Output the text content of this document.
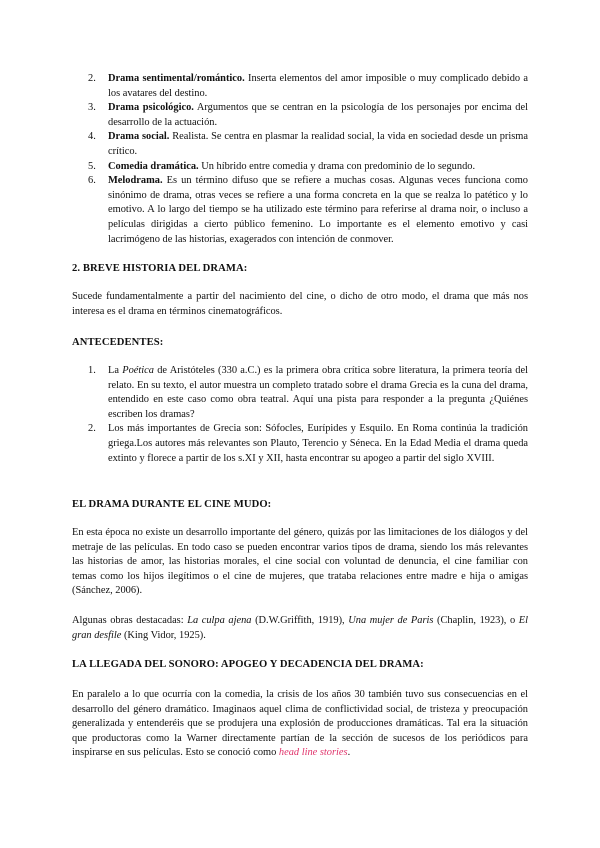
2. Drama sentimental/romántico. Inserta elementos del amor imposible o muy complicado debido a los avatares del destino.
3. Drama psicológico. Argumentos que se centran en la psicología de los personajes por encima del desarrollo de la actuación.
4. Drama social. Realista. Se centra en plasmar la realidad social, la vida en sociedad desde un prisma crítico.
5. Comedia dramática. Un híbrido entre comedia y drama con predominio de lo segundo.
6. Melodrama. Es un término difuso que se refiere a muchas cosas. Algunas veces funciona como sinónimo de drama, otras veces se refiere a una forma concreta en la que se realza lo patético y lo emotivo. A lo largo del tiempo se ha utilizado este término para referirse al drama noir, o incluso a películas dirigidas a cierto público femenino. Lo importante es el elemento emotivo y casi lacrimógeno de las historias, exagerados con intención de conmover.
2. BREVE HISTORIA DEL DRAMA:

Sucede fundamentalmente a partir del nacimiento del cine, o dicho de otro modo, el drama que más nos interesa es el drama en términos cinematográficos.

ANTECEDENTES:
1. La Poética de Aristóteles (330 a.C.) es la primera obra crítica sobre literatura, la primera teoría del relato. En su texto, el autor muestra un completo tratado sobre el drama Grecia es la cuna del drama, entendido en este caso como obra teatral. Aquí una pista para responder a la pregunta ¿Quiénes escriben los dramas?
2. Los más importantes de Grecia son: Sófocles, Eurípides y Esquilo. En Roma continúa la tradición griega.Los autores más relevantes son Plauto, Terencio y Séneca. En la Edad Media el drama queda extinto y florece a partir de los s.XI y XII, hasta encontrar su apogeo a partir del siglo XVIII.
EL DRAMA DURANTE EL CINE MUDO:

En esta época no existe un desarrollo importante del género, quizás por las limitaciones de los diálogos y del metraje de las películas. En todo caso se pueden encontrar varios tipos de drama, siendo los más relevantes las historias de amor, las historias morales, el cine social con voluntad de denuncia, el cine familiar con temas como los hijos ilegítimos o el cine de mujeres, que trataba relaciones entre madre e hija o amigas (Sánchez, 2006).

Algunas obras destacadas: La culpa ajena (D.W.Griffith, 1919), Una mujer de Paris (Chaplin, 1923), o El gran desfile (King Vidor, 1925).

LA LLEGADA DEL SONORO: APOGEO Y DECADENCIA DEL DRAMA:

En paralelo a lo que ocurría con la comedia, la crisis de los años 30 también tuvo sus consecuencias en el desarrollo del género dramático. Imaginaos aquel clima de conflictividad social, de tristeza y preocupación generalizada y entenderéis que se produjera una explosión de producciones dramáticas. Tal era la situación que productoras como la Warner directamente partían de la sección de sucesos de los periódicos para inspirarse en sus películas. Esto se conoció como head line stories.
